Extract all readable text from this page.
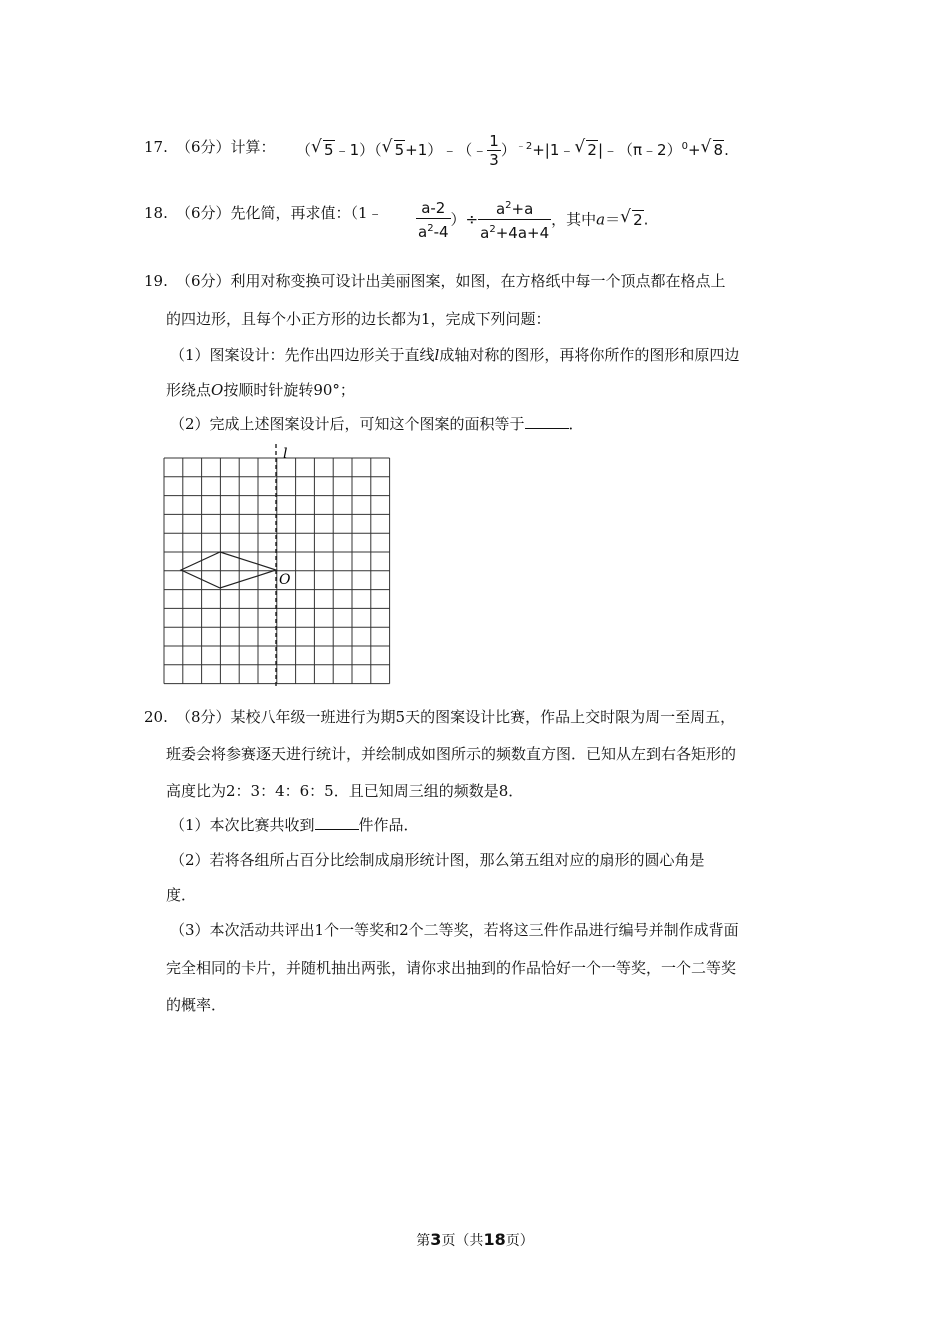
17. （6分）计算： （ √ 5﹣1）（ √ 5+1）﹣（﹣ $\frac{1}{3}$ ）$^{﹣2}$+|1﹣ √ 2|﹣（π﹣2）$^0$+ √ 8.
18. （6分）先化简，再求值：（1﹣ $\frac{a-2}{a^2-4}$ ）÷ $\frac{a^2+a}{a^2+4a+4}$ ，其中a＝ √ 2.
19. （6分）利用对称变换可设计出美丽图案，如图，在方格纸中每一个顶点都在格点上
的四边形，且每个小正方形的边长都为1，完成下列问题：
（1）图案设计：先作出四边形关于直线l成轴对称的图形，再将你所作的图形和原四边
形绕点O按顺时针旋转90°；
（2）完成上述图案设计后，可知这个图案的面积等于	．
l
O
20. （8分）某校八年级一班进行为期5天的图案设计比赛，作品上交时限为周一至周五，
班委会将参赛逐天进行统计，并绘制成如图所示的频数直方图．已知从左到右各矩形的
高度比为2：3：4：6：5．且已知周三组的频数是8．
（1）本次比赛共收到	件作品．
（2）若将各组所占百分比绘制成扇形统计图，那么第五组对应的扇形的圆心角是
度．
（3）本次活动共评出1个一等奖和2个二等奖，若将这三件作品进行编号并制作成背面
完全相同的卡片，并随机抽出两张，请你求出抽到的作品恰好一个一等奖，一个二等奖
的概率．
第3页（共18页）
